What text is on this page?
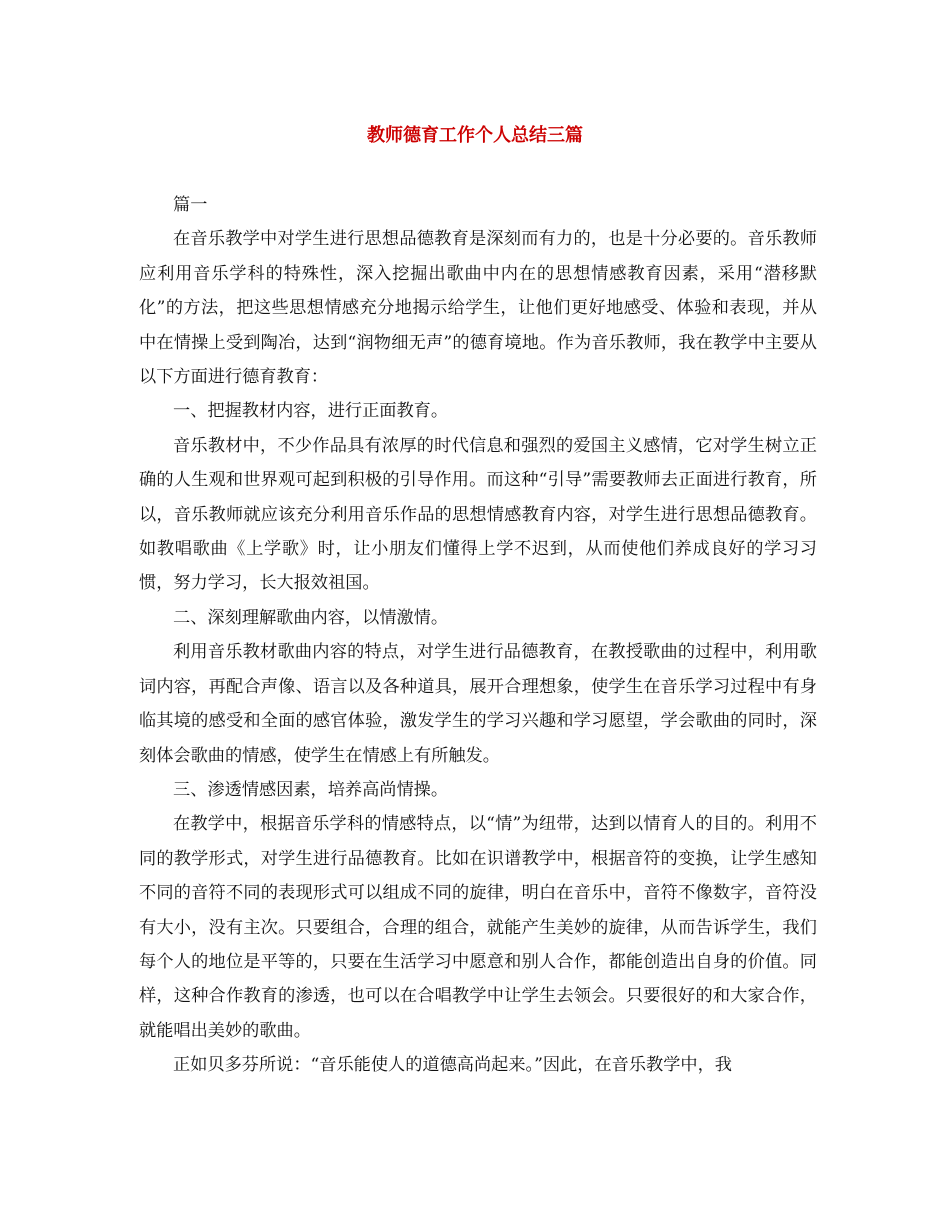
教师德育工作个人总结三篇

篇一

在音乐教学中对学生进行思想品德教育是深刻而有力的，也是十分必要的。音乐教师应利用音乐学科的特殊性，深入挖掘出歌曲中内在的思想情感教育因素，采用“潜移默化”的方法，把这些思想情感充分地揭示给学生，让他们更好地感受、体验和表现，并从中在情操上受到陶冶，达到“润物细无声”的德育境地。作为音乐教师，我在教学中主要从以下方面进行德育教育：

一、把握教材内容，进行正面教育。

音乐教材中，不少作品具有浓厚的时代信息和强烈的爱国主义感情，它对学生树立正确的人生观和世界观可起到积极的引导作用。而这种“引导”需要教师去正面进行教育，所以，音乐教师就应该充分利用音乐作品的思想情感教育内容，对学生进行思想品德教育。如教唱歌曲《上学歌》时，让小朋友们懂得上学不迟到，从而使他们养成良好的学习习惯，努力学习，长大报效祖国。

二、深刻理解歌曲内容，以情激情。

利用音乐教材歌曲内容的特点，对学生进行品德教育，在教授歌曲的过程中，利用歌词内容，再配合声像、语言以及各种道具，展开合理想象，使学生在音乐学习过程中有身临其境的感受和全面的感官体验，激发学生的学习兴趣和学习愿望，学会歌曲的同时，深刻体会歌曲的情感，使学生在情感上有所触发。

三、渗透情感因素，培养高尚情操。

在教学中，根据音乐学科的情感特点，以“情”为纽带，达到以情育人的目的。利用不同的教学形式，对学生进行品德教育。比如在识谱教学中，根据音符的变换，让学生感知不同的音符不同的表现形式可以组成不同的旋律，明白在音乐中，音符不像数字，音符没有大小，没有主次。只要组合，合理的组合，就能产生美妙的旋律，从而告诉学生，我们每个人的地位是平等的，只要在生活学习中愿意和别人合作，都能创造出自身的价值。同样，这种合作教育的渗透，也可以在合唱教学中让学生去领会。只要很好的和大家合作，就能唱出美妙的歌曲。

正如贝多芬所说：“音乐能使人的道德高尚起来。”因此，在音乐教学中，我
